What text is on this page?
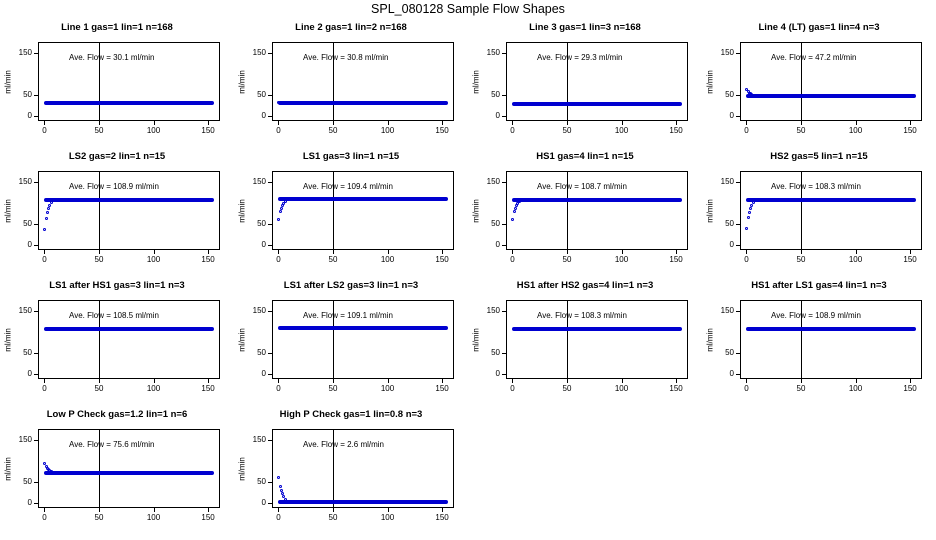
SPL_080128 Sample Flow Shapes
Line 1 gas=1 lin=1 n=168
ml/min
0
50
150
0	50	100	150
Ave. Flow = 30.1 ml/min
Line 2 gas=1 lin=2 n=168
ml/min
0
50
150
0	50	100	150
Ave. Flow = 30.8 ml/min
Line 3 gas=1 lin=3 n=168
ml/min
0
50
150
0	50	100	150
Ave. Flow = 29.3 ml/min
Line 4 (LT) gas=1 lin=4 n=3
ml/min
0
50
150
0	50	100	150
Ave. Flow = 47.2 ml/min
LS2 gas=2 lin=1 n=15
ml/min
0
50
150
0	50	100	150
Ave. Flow = 108.9 ml/min
LS1 gas=3 lin=1 n=15
ml/min
0
50
150
0	50	100	150
Ave. Flow = 109.4 ml/min
HS1 gas=4 lin=1 n=15
ml/min
0
50
150
0	50	100	150
Ave. Flow = 108.7 ml/min
HS2 gas=5 lin=1 n=15
ml/min
0
50
150
0	50	100	150
Ave. Flow = 108.3 ml/min
LS1 after HS1 gas=3 lin=1 n=3
ml/min
0
50
150
0	50	100	150
Ave. Flow = 108.5 ml/min
LS1 after LS2 gas=3 lin=1 n=3
ml/min
0
50
150
0	50	100	150
Ave. Flow = 109.1 ml/min
HS1 after HS2 gas=4 lin=1 n=3
ml/min
0
50
150
0	50	100	150
Ave. Flow = 108.3 ml/min
HS1 after LS1 gas=4 lin=1 n=3
ml/min
0
50
150
0	50	100	150
Ave. Flow = 108.9 ml/min
Low P Check gas=1.2 lin=1 n=6
ml/min
0
50
150
0	50	100	150
Ave. Flow = 75.6 ml/min
High P Check gas=1 lin=0.8 n=3
ml/min
0
50
150
0	50	100	150
Ave. Flow = 2.6 ml/min
